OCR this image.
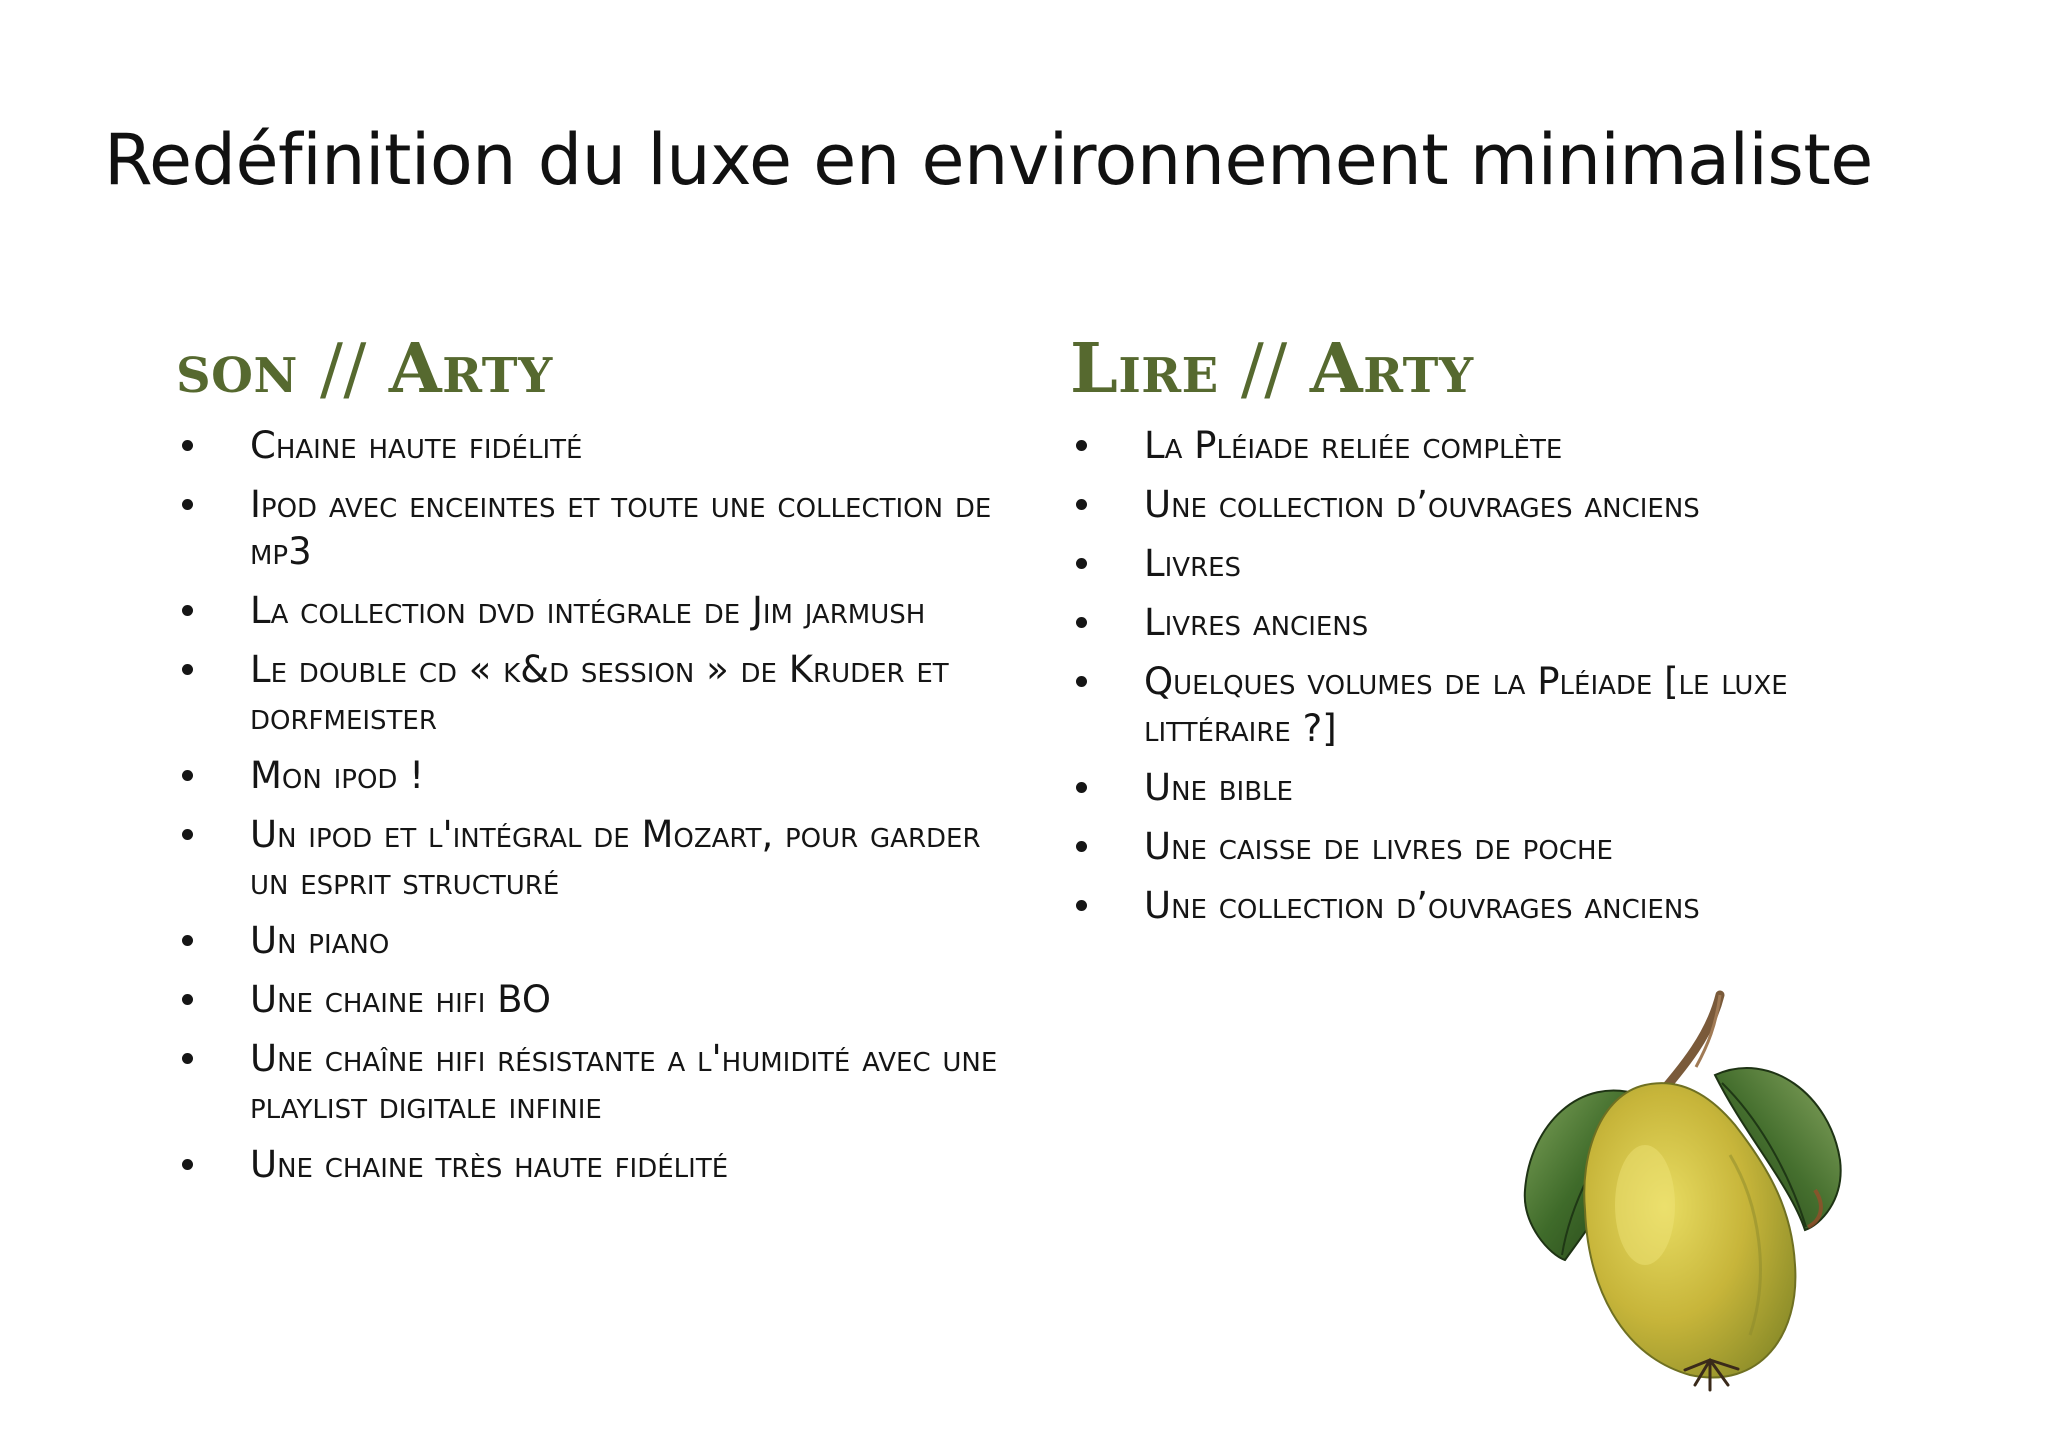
Redéfinition du luxe en environnement minimaliste
son // Arty
Chaine haute fidélité
Ipod avec enceintes et toute une collection de mp3
La collection dvd intégrale de Jim jarmush
Le double cd « k&d session » de Kruder et dorfmeister
Mon ipod !
Un ipod et l'intégral de Mozart, pour garder un esprit structuré
Un piano
Une chaine hifi BO
Une chaîne hifi résistante a l'humidité avec une playlist digitale infinie
Une chaine très haute fidélité
Lire // Arty
La Pléiade reliée complète
Une collection d’ouvrages anciens
Livres
Livres anciens
Quelques volumes de la Pléiade [le luxe littéraire ?]
Une bible
Une caisse de livres de poche
Une collection d’ouvrages anciens
